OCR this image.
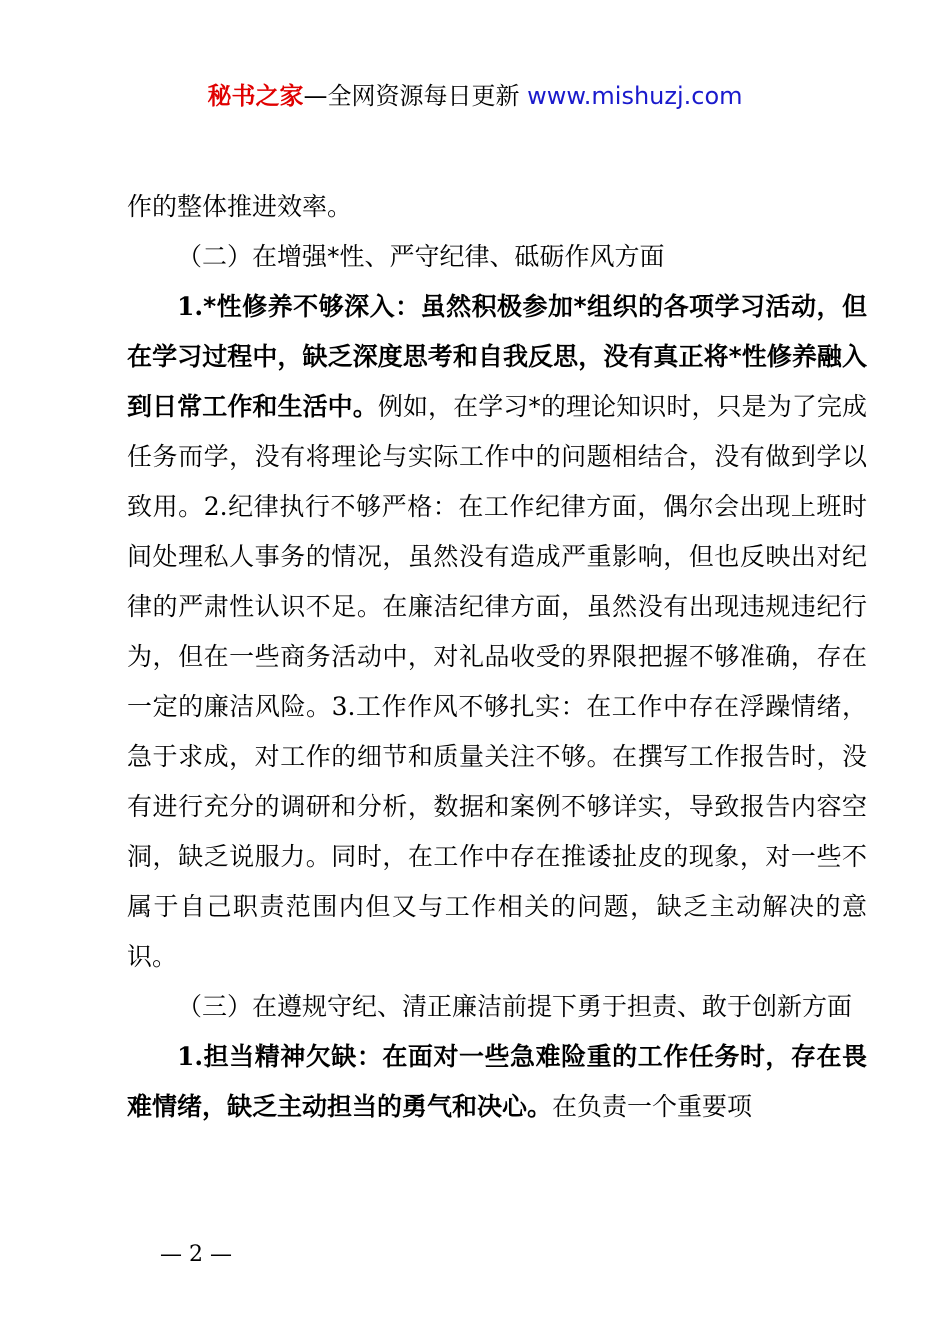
秘书之家—全网资源每日更新 www.mishuzj.com

作的整体推进效率。

（二）在增强*性、严守纪律、砥砺作风方面

1.*性修养不够深入：虽然积极参加*组织的各项学习活动，但在学习过程中，缺乏深度思考和自我反思，没有真正将*性修养融入到日常工作和生活中。例如，在学习*的理论知识时，只是为了完成任务而学，没有将理论与实际工作中的问题相结合，没有做到学以致用。2.纪律执行不够严格：在工作纪律方面，偶尔会出现上班时间处理私人事务的情况，虽然没有造成严重影响，但也反映出对纪律的严肃性认识不足。在廉洁纪律方面，虽然没有出现违规违纪行为，但在一些商务活动中，对礼品收受的界限把握不够准确，存在一定的廉洁风险。3.工作作风不够扎实：在工作中存在浮躁情绪，急于求成，对工作的细节和质量关注不够。在撰写工作报告时，没有进行充分的调研和分析，数据和案例不够详实，导致报告内容空洞，缺乏说服力。同时，在工作中存在推诿扯皮的现象，对一些不属于自己职责范围内但又与工作相关的问题，缺乏主动解决的意识。

（三）在遵规守纪、清正廉洁前提下勇于担责、敢于创新方面

1.担当精神欠缺：在面对一些急难险重的工作任务时，存在畏难情绪，缺乏主动担当的勇气和决心。在负责一个重要项

— 2 —
